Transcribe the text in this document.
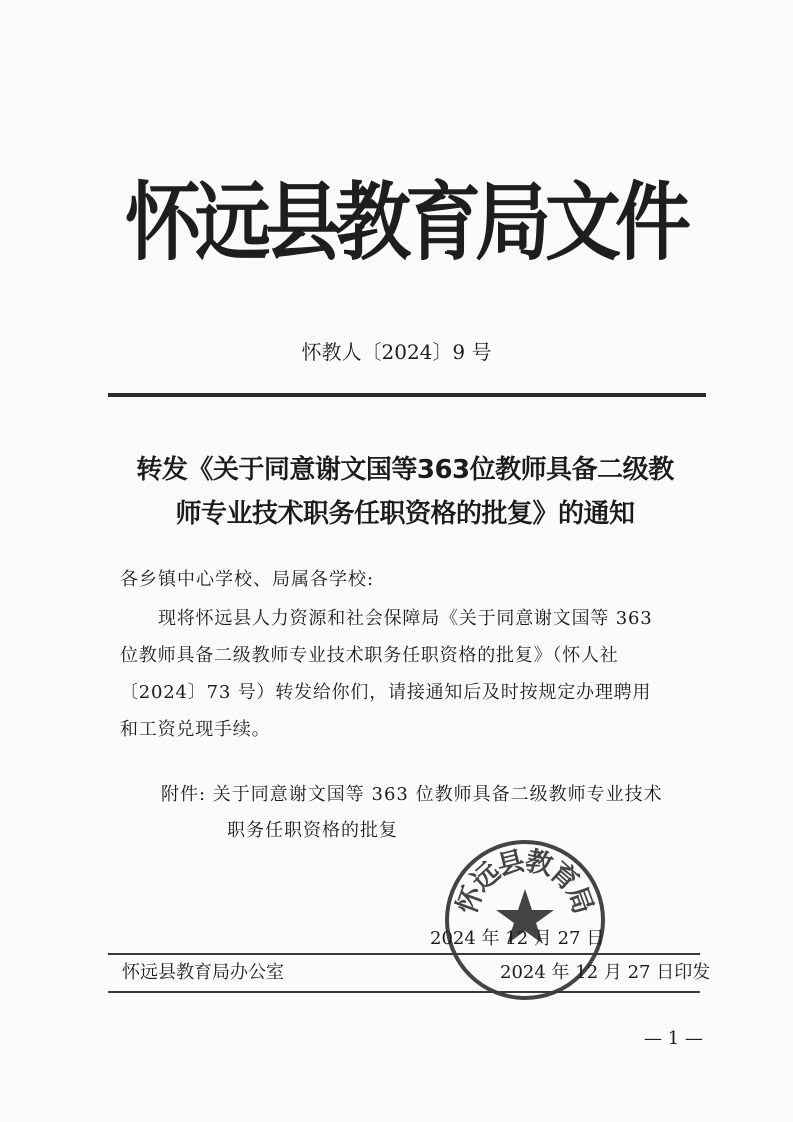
怀远县教育局文件
怀教人〔2024〕9 号
转发《关于同意谢文国等363位教师具备二级教
师专业技术职务任职资格的批复》的通知
各乡镇中心学校、局属各学校:
现将怀远县人力资源和社会保障局《关于同意谢文国等 363
位教师具备二级教师专业技术职务任职资格的批复》（怀人社
〔2024〕73 号）转发给你们，请接通知后及时按规定办理聘用
和工资兑现手续。
附件: 关于同意谢文国等 363 位教师具备二级教师专业技术
职务任职资格的批复
怀
远
县
教
育
局
2024 年 12 月 27 日
怀远县教育局办公室	2024 年 12 月 27 日印发
— 1 —
